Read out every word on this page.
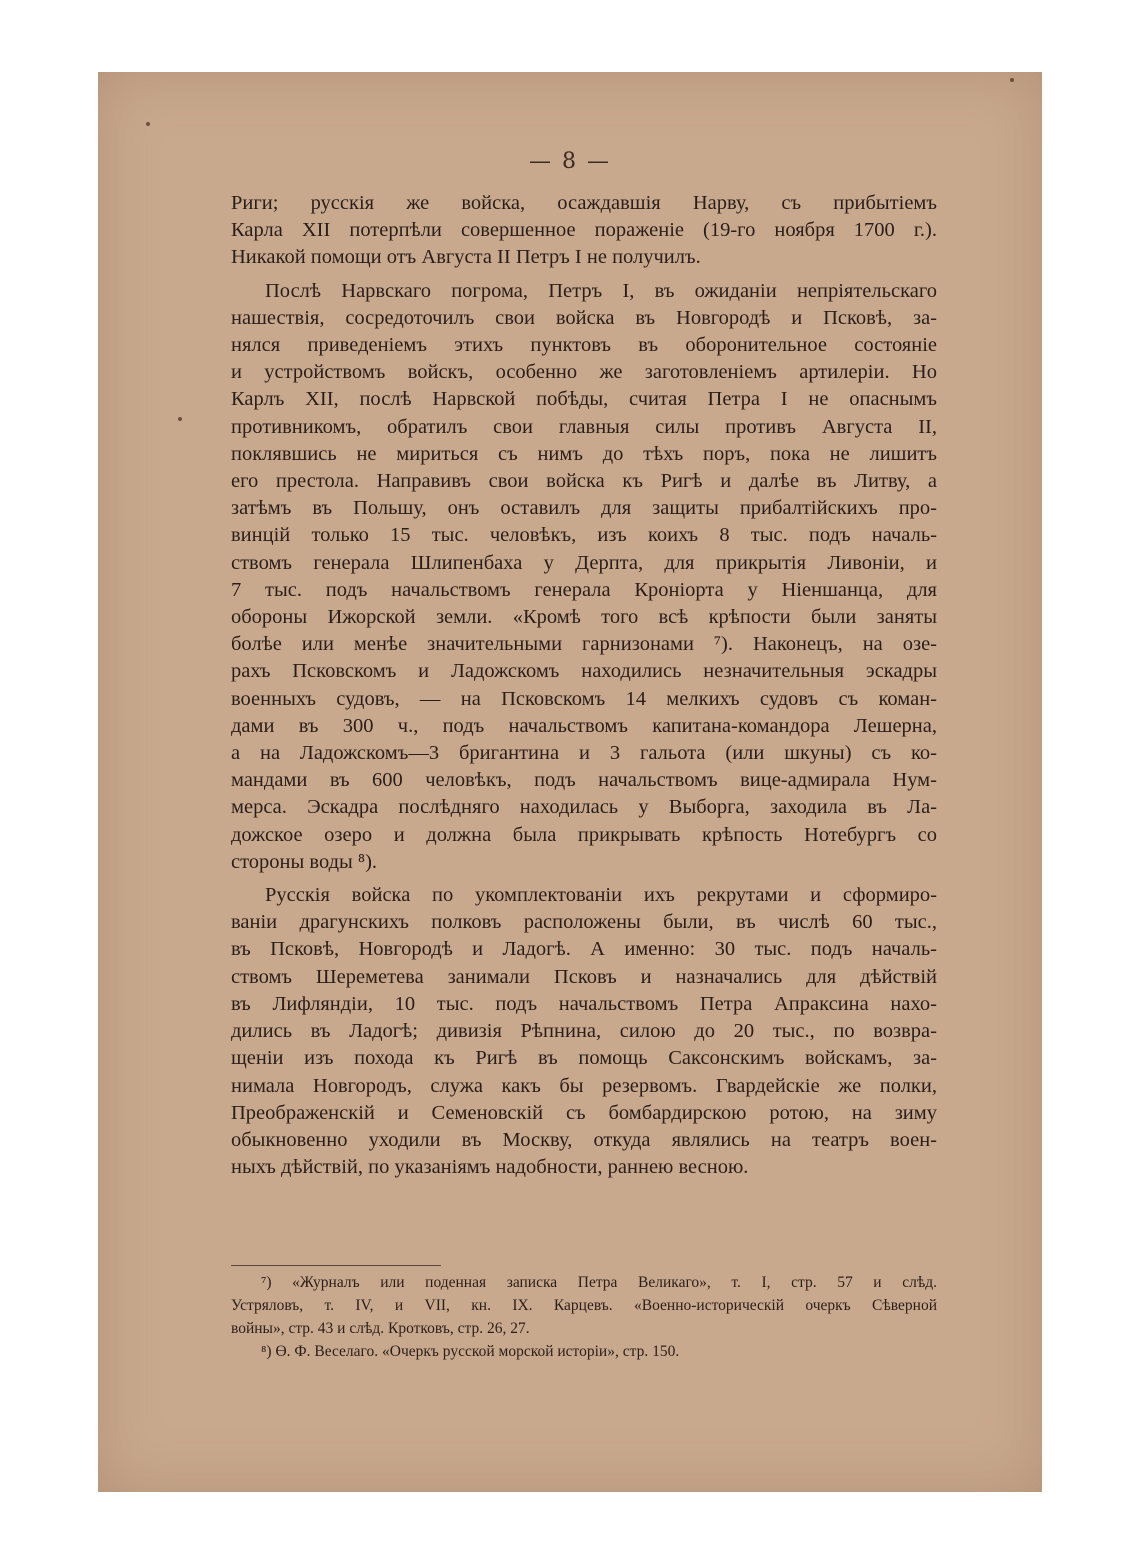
— 8 —
Риги; русскія же войска, осаждавшія Нарву, съ прибытіемъ
Карла XII потерпѣли совершенное пораженіе (19-го ноября 1700 г.).
Никакой помощи отъ Августа II Петръ I не получилъ.
Послѣ Нарвскаго погрома, Петръ I, въ ожиданіи непріятельскаго
нашествія, сосредоточилъ свои войска въ Новгородѣ и Псковѣ, за-
нялся приведеніемъ этихъ пунктовъ въ оборонительное состояніе
и устройствомъ войскъ, особенно же заготовленіемъ артилеріи. Но
Карлъ XII, послѣ Нарвской побѣды, считая Петра I не опаснымъ
противникомъ, обратилъ свои главныя силы противъ Августа II,
поклявшись не мириться съ нимъ до тѣхъ поръ, пока не лишитъ
его престола. Направивъ свои войска къ Ригѣ и далѣе въ Литву, а
затѣмъ въ Польшу, онъ оставилъ для защиты прибалтійскихъ про-
винцій только 15 тыс. человѣкъ, изъ коихъ 8 тыс. подъ началь-
ствомъ генерала Шлипенбаха у Дерпта, для прикрытія Ливоніи, и
7 тыс. подъ начальствомъ генерала Кроніорта у Ніеншанца, для
обороны Ижорской земли. «Кромѣ того всѣ крѣпости были заняты
болѣе или менѣе значительными гарнизонами ⁷). Наконецъ, на озе-
рахъ Псковскомъ и Ладожскомъ находились незначительныя эскадры
военныхъ судовъ, — на Псковскомъ 14 мелкихъ судовъ съ коман-
дами въ 300 ч., подъ начальствомъ капитана-командора Лешерна,
а на Ладожскомъ—3 бригантина и 3 гальота (или шкуны) съ ко-
мандами въ 600 человѣкъ, подъ начальствомъ вице-адмирала Нум-
мерса. Эскадра послѣдняго находилась у Выборга, заходила въ Ла-
дожское озеро и должна была прикрывать крѣпость Нотебургъ со
стороны воды ⁸).
Русскія войска по укомплектованіи ихъ рекрутами и сформиро-
ваніи драгунскихъ полковъ расположены были, въ числѣ 60 тыс.,
въ Псковѣ, Новгородѣ и Ладогѣ. А именно: 30 тыс. подъ началь-
ствомъ Шереметева занимали Псковъ и назначались для дѣйствій
въ Лифляндіи, 10 тыс. подъ начальствомъ Петра Апраксина нахо-
дились въ Ладогѣ; дивизія Рѣпнина, силою до 20 тыс., по возвра-
щеніи изъ похода къ Ригѣ въ помощь Саксонскимъ войскамъ, за-
нимала Новгородъ, служа какъ бы резервомъ. Гвардейскіе же полки,
Преображенскій и Семеновскій съ бомбардирскою ротою, на зиму
обыкновенно уходили въ Москву, откуда являлись на театръ воен-
ныхъ дѣйствій, по указаніямъ надобности, раннею весною.
⁷) «Журналъ или поденная записка Петра Великаго», т. I, стр. 57 и слѣд.
Устряловъ, т. IV, и VII, кн. IX. Карцевъ. «Военно-историческій очеркъ Сѣверной
войны», стр. 43 и слѣд. Кротковъ, стр. 26, 27.
⁸) Ө. Ф. Веселаго. «Очеркъ русской морской исторіи», стр. 150.
